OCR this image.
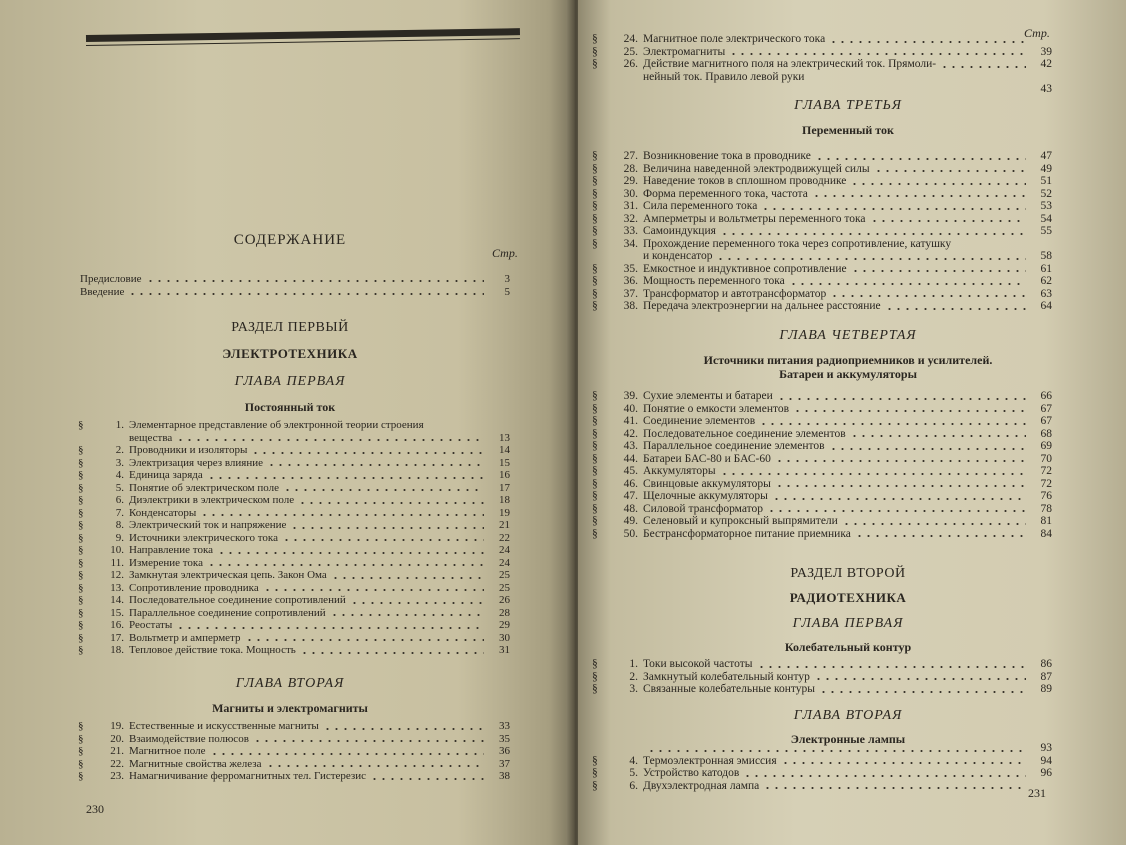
СОДЕРЖАНИЕ
Стр.
Предисловие	3
Введение	5
РАЗДЕЛ ПЕРВЫЙ
ЭЛЕКТРОТЕХНИКА
ГЛАВА ПЕРВАЯ
Постоянный ток
§	1. Элементарное представление об электронной теории строения
вещества	13
§	2. Проводники и изоляторы	14
§	3. Электризация через влияние	15
§	4. Единица заряда	16
§	5. Понятие об электрическом поле	17
§	6. Диэлектрики в электрическом поле	18
§	7. Конденсаторы	19
§	8. Электрический ток и напряжение	21
§	9. Источники электрического тока	22
§	10. Направление тока	24
§	11. Измерение тока	24
§	12. Замкнутая электрическая цепь. Закон Ома	25
§	13. Сопротивление проводника	25
§	14. Последовательное соединение сопротивлений	26
§	15. Параллельное соединение сопротивлений	28
§	16. Реостаты	29
§	17. Вольтметр и амперметр	30
§	18. Тепловое действие тока. Мощность	31
ГЛАВА ВТОРАЯ
Магниты и электромагниты
§	19. Естественные и искусственные магниты	33
§	20. Взаимодействие полюсов	35
§	21. Магнитное поле	36
§	22. Магнитные свойства железа	37
§	23. Намагничивание ферромагнитных тел. Гистерезис	38
230
Стр.
§	24. Магнитное поле электрического тока
§	25. Электромагниты	39
§	26. Действие магнитного поля на электрический ток. Прямоли-	42
нейный ток. Правило левой руки
43
ГЛАВА ТРЕТЬЯ
Переменный ток
§	27. Возникновение тока в проводнике	47
§	28. Величина наведенной электродвижущей силы	49
§	29. Наведение токов в сплошном проводнике	51
§	30. Форма переменного тока, частота	52
§	31. Сила переменного тока	53
§	32. Амперметры и вольтметры переменного тока	54
§	33. Самоиндукция	55
§	34. Прохождение переменного тока через сопротивление, катушку
и конденсатор	58
§	35. Емкостное и индуктивное сопротивление	61
§	36. Мощность переменного тока	62
§	37. Трансформатор и автотрансформатор	63
§	38. Передача электроэнергии на дальнее расстояние	64
ГЛАВА ЧЕТВЕРТАЯ
Источники питания радиоприемников и усилителей.
Батареи и аккумуляторы
§	39. Сухие элементы и батареи	66
§	40. Понятие о емкости элементов	67
§	41. Соединение элементов	67
§	42. Последовательное соединение элементов	68
§	43. Параллельное соединение элементов	69
§	44. Батареи БАС-80 и БАС-60	70
§	45. Аккумуляторы	72
§	46. Свинцовые аккумуляторы	72
§	47. Щелочные аккумуляторы	76
§	48. Силовой трансформатор	78
§	49. Селеновый и купроксный выпрямители	81
§	50. Бестрансформаторное питание приемника	84
РАЗДЕЛ ВТОРОЙ
РАДИОТЕХНИКА
ГЛАВА ПЕРВАЯ
Колебательный контур
§	1. Токи высокой частоты	86
§	2. Замкнутый колебательный контур	87
§	3. Связанные колебательные контуры	89
ГЛАВА ВТОРАЯ
Электронные лампы
93
§	4. Термоэлектронная эмиссия	94
§	5. Устройство катодов	96
§	6. Двухэлектродная лампа
231
